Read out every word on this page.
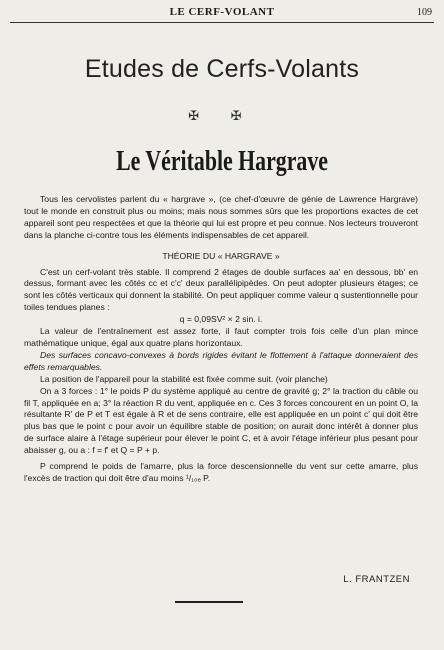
LE CERF-VOLANT	109
Etudes de Cerfs-Volants
✠ ✠
Le Véritable Hargrave

Tous les cervolistes parlent du « hargrave », (ce chef-d'œuvre de génie de Lawrence Hargrave) tout le monde en construit plus ou moins; mais nous sommes sûrs que les proportions exactes de cet appareil sont peu respectées et que la théorie qui lui est propre et peu connue. Nos lecteurs trouveront dans la planche ci-contre tous les éléments indispensables de cet appareil.

THÉORIE DU « HARGRAVE »

C'est un cerf-volant très stable. Il comprend 2 étages de double surfaces aa' en dessous, bb' en dessus, formant avec les côtés cc et c'c' deux parallélipipèdes. On peut adopter plusieurs étages; ce sont les côtés verticaux qui donnent la stabilité. On peut appliquer comme valeur q sustentionnelle pour toiles tendues planes :

q = 0,09SV² × 2 sin. i.

La valeur de l'entraînement est assez forte, il faut compter trois fois celle d'un plan mince mathématique unique, égal aux quatre plans horizontaux.

Des surfaces concavo-convexes à bords rigides évitant le flottement à l'attaque donneraient des effets remarquables.

La position de l'appareil pour la stabilité est fixée comme suit. (voir planche)

On a 3 forces : 1° le poids P du système appliqué au centre de gravité g; 2° la traction du câble ou fil T, appliquée en a; 3° la réaction R du vent, appliquée en c. Ces 3 forces concourent en un point O, la résultante R' de P et T est égale à R et de sens contraire, elle est appliquée en un point c' qui doit être plus bas que le point c pour avoir un équilibre stable de position; on aurait donc intérêt à donner plus de surface alaire à l'étage supérieur pour élever le point C, et à avoir l'étage inférieur plus pesant pour abaisser g, ou a : f = f' et Q = P + p.

P comprend le poids de l'amarre, plus la force descensionnelle du vent sur cette amarre, plus l'excès de traction qui doit être d'au moins ¹/₁₀ₑ P.

L. FRANTZEN
